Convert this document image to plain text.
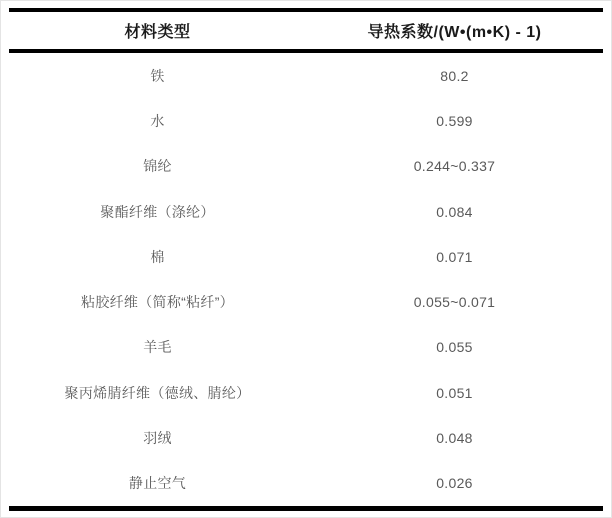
材料类型	导热系数/(W•(m•K) - 1)
铁	80.2
水	0.599
锦纶	0.244~0.337
聚酯纤维（涤纶）	0.084
棉	0.071
粘胶纤维（简称“粘纤”）	0.055~0.071
羊毛	0.055
聚丙烯腈纤维（德绒、腈纶）	0.051
羽绒	0.048
静止空气	0.026
